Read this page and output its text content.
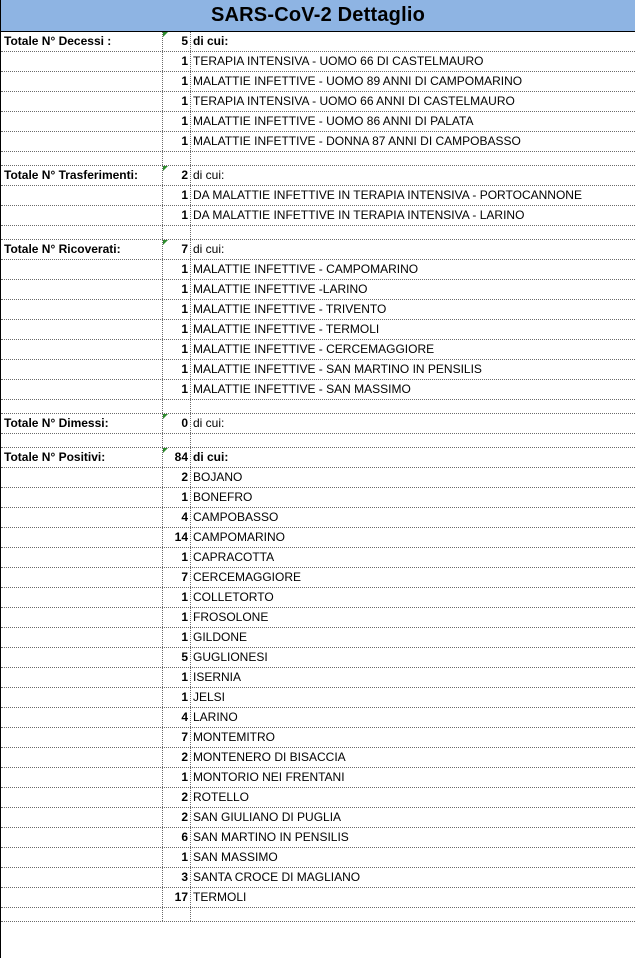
SARS-CoV-2 Dettaglio
Totale N° Decessi :	5 di cui:
1 TERAPIA INTENSIVA - UOMO 66 DI CASTELMAURO
1 MALATTIE INFETTIVE - UOMO 89 ANNI DI CAMPOMARINO
1 TERAPIA INTENSIVA - UOMO 66 ANNI DI CASTELMAURO
1 MALATTIE INFETTIVE - UOMO 86 ANNI DI PALATA
1 MALATTIE INFETTIVE - DONNA 87 ANNI DI CAMPOBASSO
Totale N° Trasferimenti:	2 di cui:
1 DA MALATTIE INFETTIVE IN TERAPIA INTENSIVA - PORTOCANNONE
1 DA MALATTIE INFETTIVE IN TERAPIA INTENSIVA - LARINO
Totale N° Ricoverati:	7 di cui:
1 MALATTIE INFETTIVE - CAMPOMARINO
1 MALATTIE INFETTIVE -LARINO
1 MALATTIE INFETTIVE - TRIVENTO
1 MALATTIE INFETTIVE - TERMOLI
1 MALATTIE INFETTIVE - CERCEMAGGIORE
1 MALATTIE INFETTIVE - SAN MARTINO IN PENSILIS
1 MALATTIE INFETTIVE - SAN MASSIMO
Totale N° Dimessi:	0 di cui:
Totale N° Positivi:	84 di cui:
2 BOJANO
1 BONEFRO
4 CAMPOBASSO
14 CAMPOMARINO
1 CAPRACOTTA
7 CERCEMAGGIORE
1 COLLETORTO
1 FROSOLONE
1 GILDONE
5 GUGLIONESI
1 ISERNIA
1 JELSI
4 LARINO
7 MONTEMITRO
2 MONTENERO DI BISACCIA
1 MONTORIO NEI FRENTANI
2 ROTELLO
2 SAN GIULIANO DI PUGLIA
6 SAN MARTINO IN PENSILIS
1 SAN MASSIMO
3 SANTA CROCE DI MAGLIANO
17 TERMOLI
